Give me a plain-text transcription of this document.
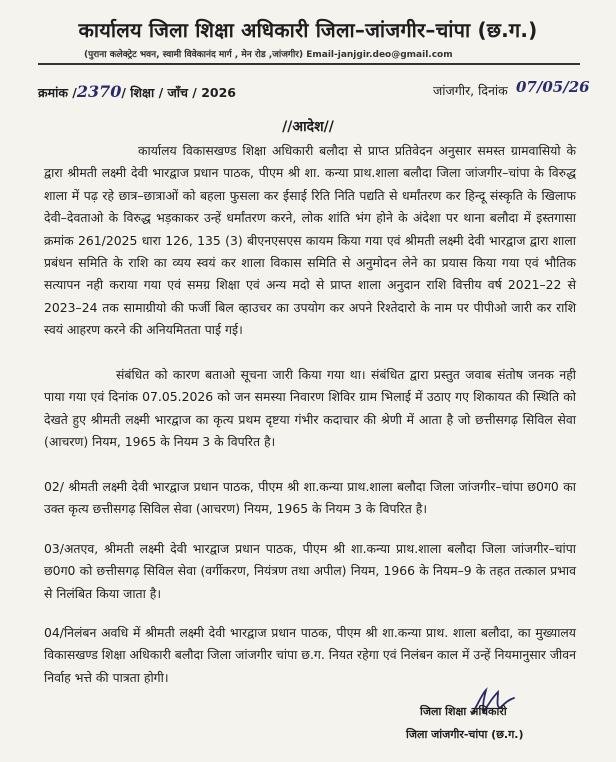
कार्यालय जिला शिक्षा अधिकारी जिला–जांजगीर–चांपा (छ.ग.)
(पुराना कलेक्ट्रेट भवन, स्वामी विवेकानंद मार्ग , मेन रोड ,जांजगीर) Email-janjgir.deo@gmail.com
क्रमांक /2370/ शिक्षा / जाँच / 2026	जांजगीर, दिनांक 07/05/26
//आदेश//

कार्यालय विकासखण्ड शिक्षा अधिकारी बलौदा से प्राप्त प्रतिवेदन अनुसार समस्त ग्रामवासियो के द्वारा श्रीमती लक्ष्मी देवी भारद्वाज प्रधान पाठक, पीएम श्री शा. कन्या प्राथ.शाला बलौदा जिला जांजगीर–चांपा के विरुद्ध शाला में पढ़ रहे छात्र–छात्राओं को बहला फुसला कर ईसाई रिति निति पद्यति से धर्मांतरण कर हिन्दू संस्कृति के खिलाफ देवी–देवताओ के विरुद्ध भड़काकर उन्हें धर्मांतरण करने, लोक शांति भंग होने के अंदेशा पर थाना बलौदा में इस्तगासा क्रमांक 261/2025 धारा 126, 135 (3) बीएनएसएस कायम किया गया एवं श्रीमती लक्ष्मी देवी भारद्वाज द्वारा शाला प्रबंधन समिति के राशि का व्यय स्वयं कर शाला विकास समिति से अनुमोदन लेने का प्रयास किया गया एवं भौतिक सत्यापन नही कराया गया एवं समग्र शिक्षा एवं अन्य मदो से प्राप्त शाला अनुदान राशि वित्तीय वर्ष 2021–22 से 2023–24 तक सामाग्रीयो की फर्जी बिल व्हाउचर का उपयोग कर अपने रिश्तेदारो के नाम पर पीपीओ जारी कर राशि स्वयं आहरण करने की अनियमितता पाई गई।

संबंधित को कारण बताओ सूचना जारी किया गया था। संबंधित द्वारा प्रस्तुत जवाब संतोष जनक नही पाया गया एवं दिनांक 07.05.2026 को जन समस्या निवारण शिविर ग्राम भिलाई में उठाए गए शिकायत की स्थिति को देखते हुए श्रीमती लक्ष्मी भारद्वाज का कृत्य प्रथम दृष्टया गंभीर कदाचार की श्रेणी में आता है जो छत्तीसगढ़ सिविल सेवा (आचरण) नियम, 1965 के नियम 3 के विपरित है।

02/ श्रीमती लक्ष्मी देवी भारद्वाज प्रधान पाठक, पीएम श्री शा.कन्या प्राथ.शाला बलौदा जिला जांजगीर–चांपा छ0ग0 का उक्त कृत्य छत्तीसगढ़ सिविल सेवा (आचरण) नियम, 1965 के नियम 3 के विपरित है।

03/अतएव, श्रीमती लक्ष्मी देवी भारद्वाज प्रधान पाठक, पीएम श्री शा.कन्या प्राथ.शाला बलौदा जिला जांजगीर–चांपा छ0ग0 को छत्तीसगढ़ सिविल सेवा (वर्गीकरण, नियंत्रण तथा अपील) नियम, 1966 के नियम–9 के तहत तत्काल प्रभाव से निलंबित किया जाता है।

04/निलंबन अवधि में श्रीमती लक्ष्मी देवी भारद्वाज प्रधान पाठक, पीएम श्री शा.कन्या प्राथ. शाला बलौदा, का मुख्यालय विकासखण्ड शिक्षा अधिकारी बलौदा जिला जांजगीर चांपा छ.ग. नियत रहेगा एवं निलंबन काल में उन्हें नियमानुसार जीवन निर्वाह भत्ते की पात्रता होगी।

जिला शिक्षा अधिकारी
जिला जांजगीर-चांपा (छ.ग.)
